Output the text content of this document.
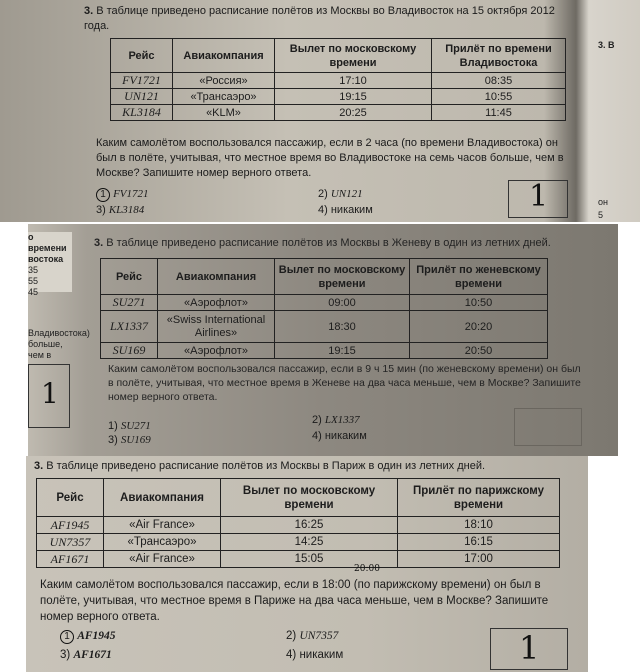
3. В таблице приведено расписание полётов из Москвы во Владивосток на 15 октября 2012 года.
Рейс	Авиакомпания	Вылет по московскому времени	Прилёт по времени Владивостока
FV1721	«Россия»	17:10	08:35
UN121	«Трансаэро»	19:15	10:55
KL3184	«KLM»	20:25	11:45
Каким самолётом воспользовался пассажир, если в 2 часа (по времени Владивостока) он был в полёте, учитывая, что местное время во Владивостоке на семь часов больше, чем в Москве? Запишите номер верного ответа.
1 FV1721	2) UN121
3) KL3184	4) никаким	1
3. В
он
5
о времени
востока
35
55
45
Владивостока)
больше, чем в
1
3. В таблице приведено расписание полётов из Москвы в Женеву в один из летних дней.
Рейс	Авиакомпания	Вылет по московскому времени	Прилёт по женевскому времени
SU271	«Аэрофлот»	09:00	10:50
LX1337	«Swiss International Airlines»	18:30	20:20
SU169	«Аэрофлот»	19:15	20:50
Каким самолётом воспользовался пассажир, если в 9 ч 15 мин (по женевскому времени) он был в полёте, учитывая, что местное время в Женеве на два часа меньше, чем в Москве? Запишите номер верного ответа.
1) SU271	2) LX1337
3) SU169	4) никаким
3. В таблице приведено расписание полётов из Москвы в Париж в один из летних дней.
Рейс	Авиакомпания	Вылет по московскому времени	Прилёт по парижскому времени
AF1945	«Air France»	16:25	18:10
UN7357	«Трансаэро»	14:25	16:15
AF1671	«Air France»	15:05	17:00
20:00
Каким самолётом воспользовался пассажир, если в 18:00 (по парижскому времени) он был в полёте, учитывая, что местное время в Париже на два часа меньше, чем в Москве? Запишите номер верного ответа.
1 AF1945	2) UN7357
3) AF1671	4) никаким	1
